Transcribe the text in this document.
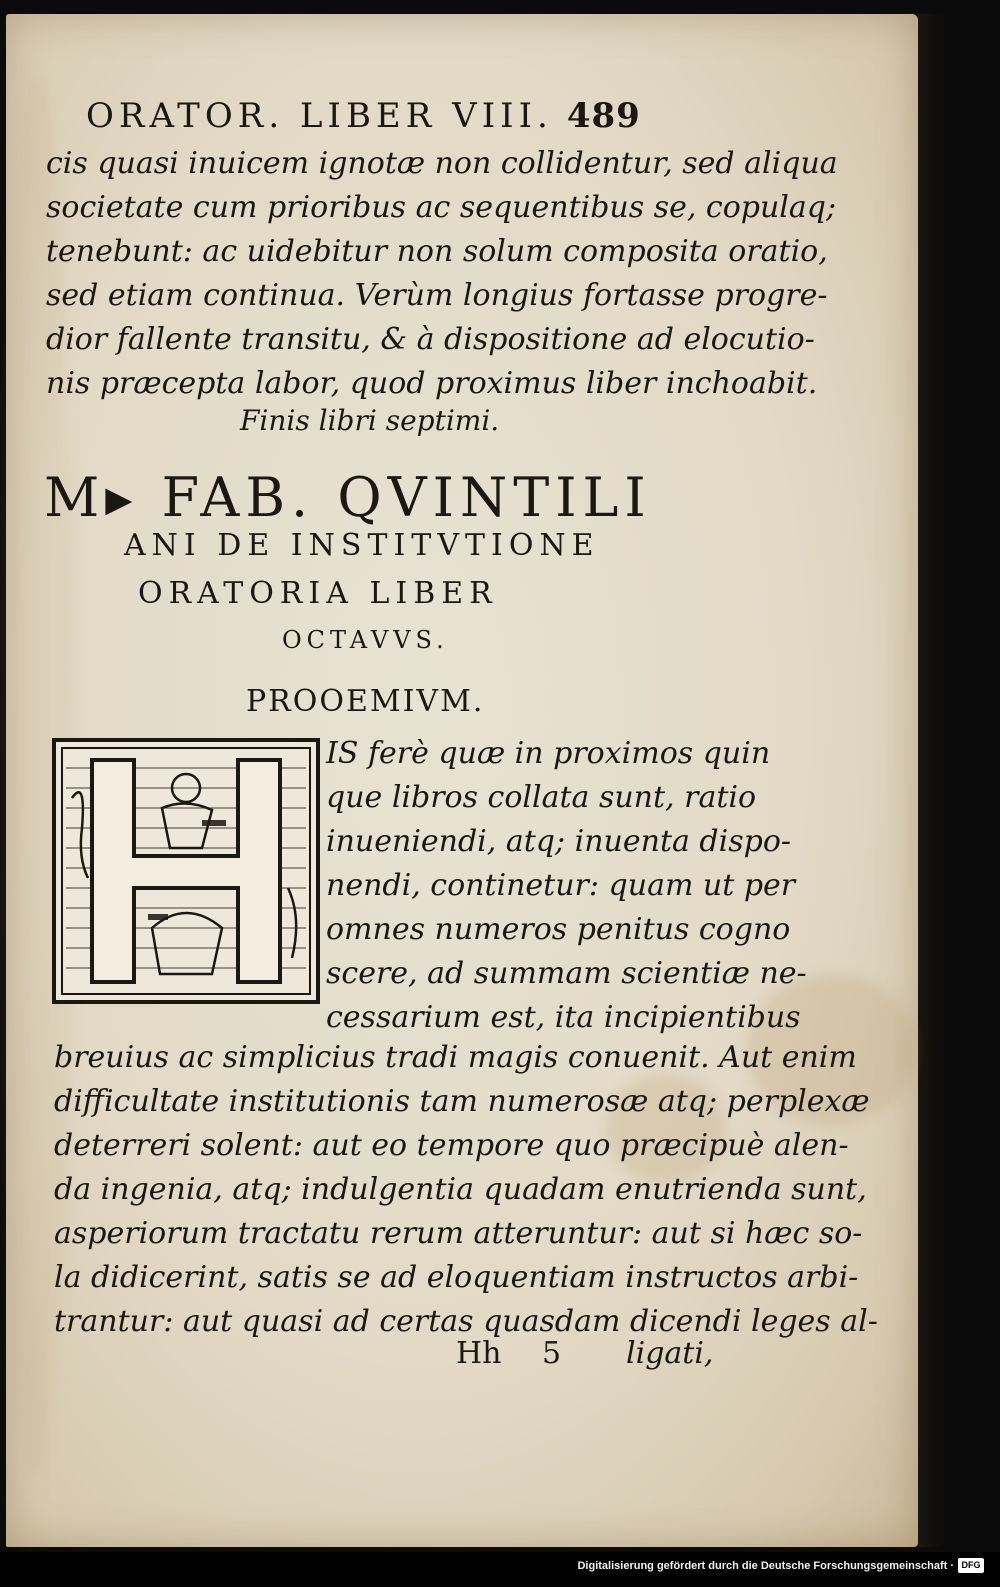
ORATOR. LIBER VIII. 489
cis quasi inuicem ignotæ non collidentur, sed aliqua
societate cum prioribus ac sequentibus se, copulaq;
tenebunt: ac uidebitur non solum composita oratio,
sed etiam continua. Verùm longius fortasse progre-
dior fallente transitu, & à dispositione ad elocutio-
nis præcepta labor, quod proximus liber inchoabit.
Finis libri septimi.
M▸ FAB. QVINTILI
ANI DE INSTITVTIONE
ORATORIA LIBER
OCTAVVS.
PROOEMIVM.
IS ferè quæ in proximos quin
que libros collata sunt, ratio
inueniendi, atq; inuenta dispo-
nendi, continetur: quam ut per
omnes numeros penitus cogno
scere, ad summam scientiæ ne-
cessarium est, ita incipientibus
breuius ac simplicius tradi magis conuenit. Aut enim
difficultate institutionis tam numerosæ atq; perplexæ
deterreri solent: aut eo tempore quo præcipuè alen-
da ingenia, atq; indulgentia quadam enutrienda sunt,
asperiorum tractatu rerum atteruntur: aut si hæc so-
la didicerint, satis se ad eloquentiam instructos arbi-
trantur: aut quasi ad certas quasdam dicendi leges al-
Hh 5 ligati,
Digitalisierung gefördert durch die Deutsche Forschungsgemeinschaft · DFG
